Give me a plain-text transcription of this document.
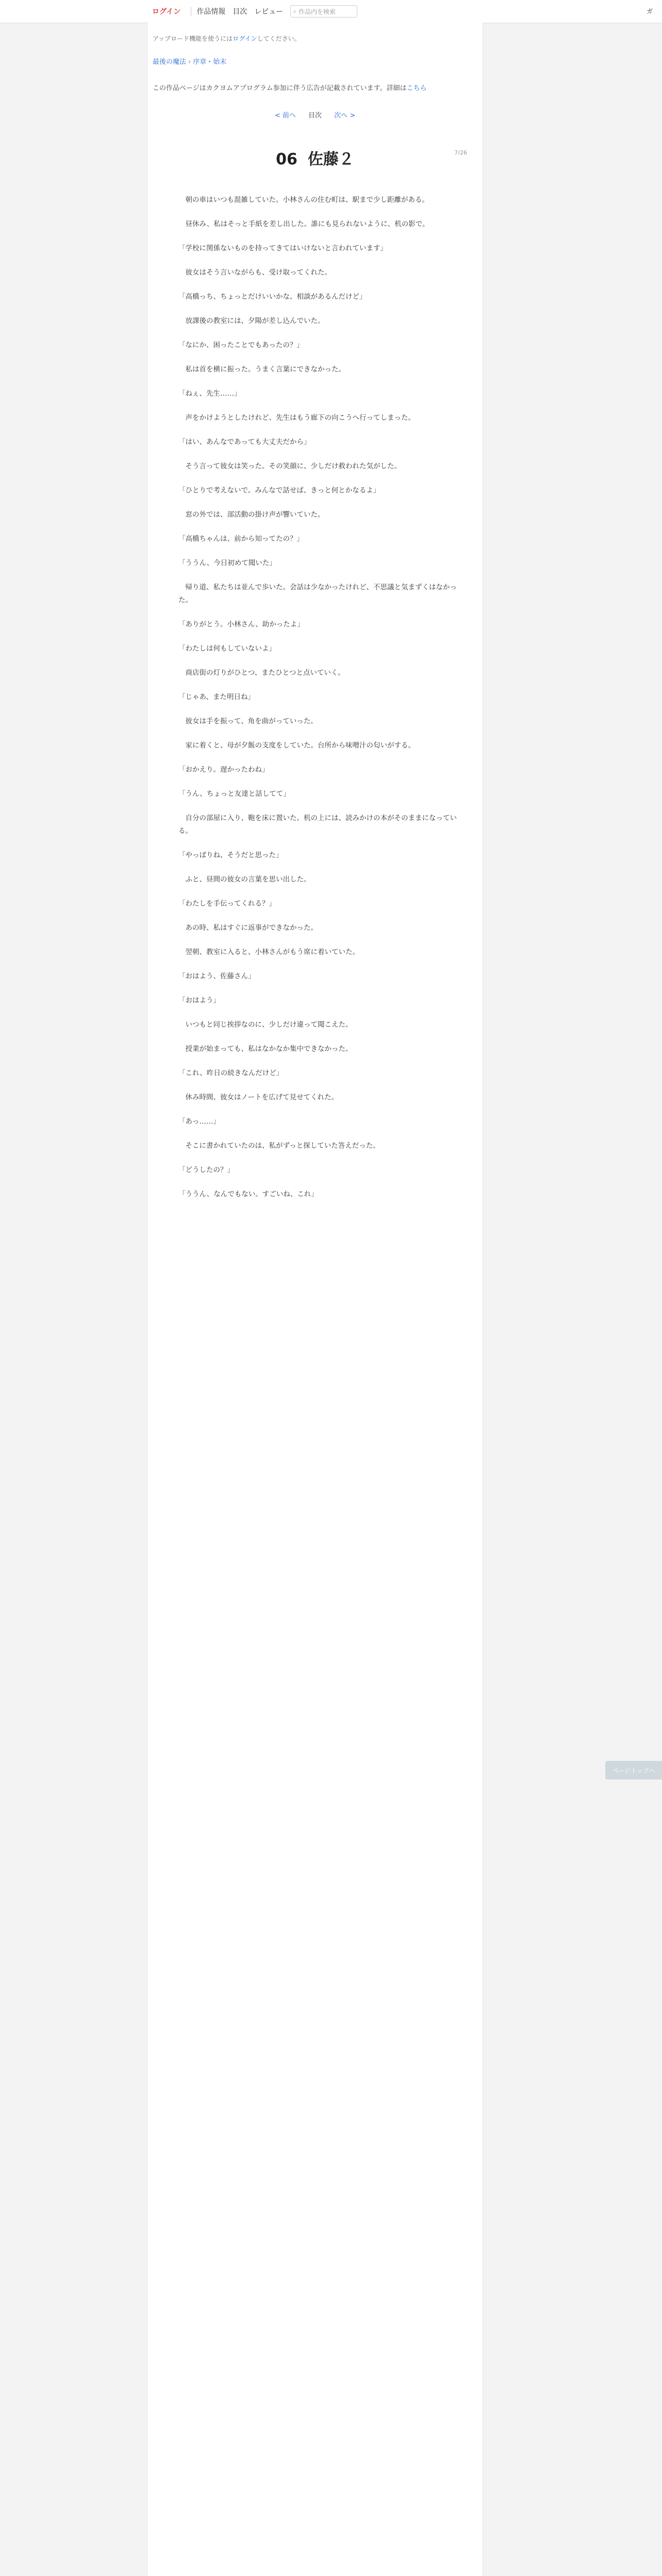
ログイン 作品情報 目次 レビュー ⌕ 作品内を検索	ガ
アップロード機能を使うにはログインしてください。
最後の魔法 › 序章・始末
この作品ページはカクヨムアプログラム参加に伴う広告が記載されています。詳細はこちら
< 前へ 目次 次へ >
7/26
06 佐藤２

朝の車はいつも混雑していた。小林さんの住む町は、駅まで少し距離がある。

昼休み、私はそっと手紙を差し出した。誰にも見られないように、机の影で。

「学校に関係ないものを持ってきてはいけないと言われています」

彼女はそう言いながらも、受け取ってくれた。

「高橋っち、ちょっとだけいいかな。相談があるんだけど」

放課後の教室には、夕陽が差し込んでいた。

「なにか、困ったことでもあったの？」

私は首を横に振った。うまく言葉にできなかった。

「ねぇ、先生……」

声をかけようとしたけれど、先生はもう廊下の向こうへ行ってしまった。

「はい、あんなであっても大丈夫だから」

そう言って彼女は笑った。その笑顔に、少しだけ救われた気がした。

「ひとりで考えないで。みんなで話せば、きっと何とかなるよ」

窓の外では、部活動の掛け声が響いていた。

「高橋ちゃんは、前から知ってたの？」

「ううん、今日初めて聞いた」

帰り道、私たちは並んで歩いた。会話は少なかったけれど、不思議と気まずくはなかった。

「ありがとう。小林さん、助かったよ」

「わたしは何もしていないよ」

商店街の灯りがひとつ、またひとつと点いていく。

「じゃあ、また明日ね」

彼女は手を振って、角を曲がっていった。

家に着くと、母が夕飯の支度をしていた。台所から味噌汁の匂いがする。

「おかえり。遅かったわね」

「うん、ちょっと友達と話してて」

自分の部屋に入り、鞄を床に置いた。机の上には、読みかけの本がそのままになっている。

「やっぱりね、そうだと思った」

ふと、昼間の彼女の言葉を思い出した。

「わたしを手伝ってくれる？」

あの時、私はすぐに返事ができなかった。

翌朝、教室に入ると、小林さんがもう席に着いていた。

「おはよう、佐藤さん」

「おはよう」

いつもと同じ挨拶なのに、少しだけ違って聞こえた。

授業が始まっても、私はなかなか集中できなかった。

「これ、昨日の続きなんだけど」

休み時間、彼女はノートを広げて見せてくれた。

「あっ……」

そこに書かれていたのは、私がずっと探していた答えだった。

「どうしたの？」

「ううん、なんでもない。すごいね、これ」

ページトップへ
